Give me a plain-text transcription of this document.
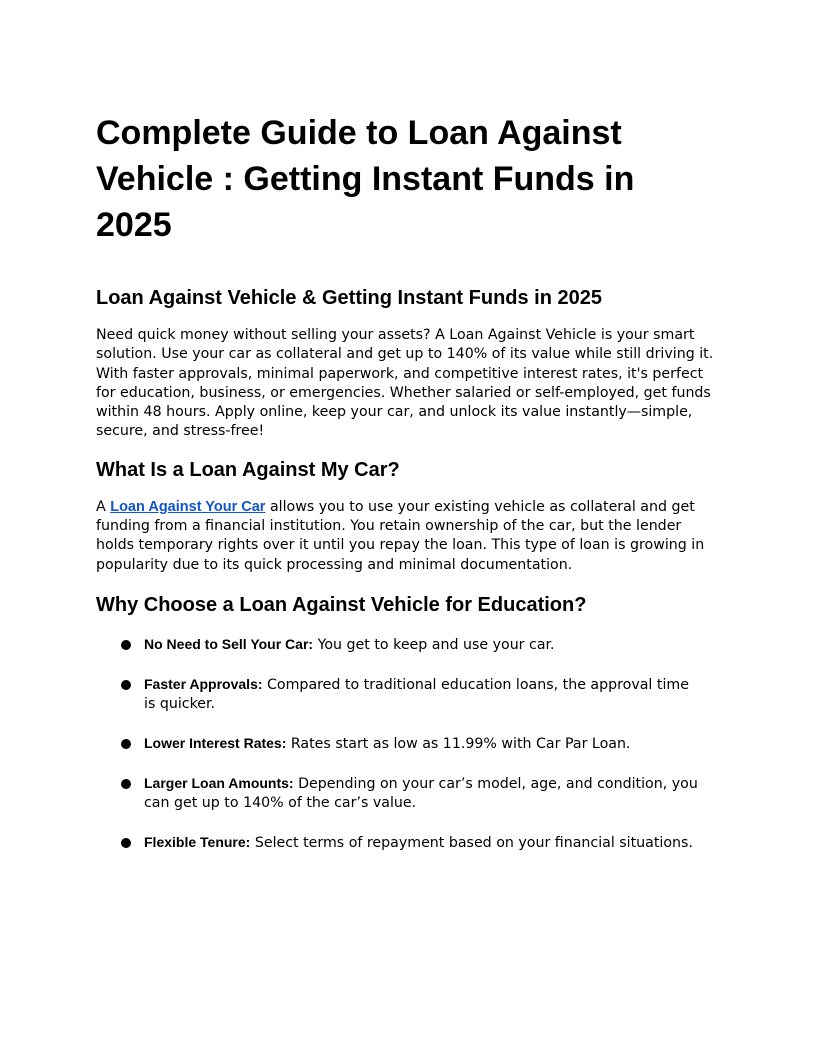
Complete Guide to Loan Against Vehicle : Getting Instant Funds in 2025
Loan Against Vehicle & Getting Instant Funds in 2025

Need quick money without selling your assets? A Loan Against Vehicle is your smart solution. Use your car as collateral and get up to 140% of its value while still driving it. With faster approvals, minimal paperwork, and competitive interest rates, it's perfect for education, business, or emergencies. Whether salaried or self-employed, get funds within 48 hours. Apply online, keep your car, and unlock its value instantly—simple, secure, and stress-free!

What Is a Loan Against My Car?

A Loan Against Your Car allows you to use your existing vehicle as collateral and get funding from a financial institution. You retain ownership of the car, but the lender holds temporary rights over it until you repay the loan. This type of loan is growing in popularity due to its quick processing and minimal documentation.

Why Choose a Loan Against Vehicle for Education?
No Need to Sell Your Car: You get to keep and use your car.
Faster Approvals: Compared to traditional education loans, the approval time is quicker.
Lower Interest Rates: Rates start as low as 11.99% with Car Par Loan.
Larger Loan Amounts: Depending on your car’s model, age, and condition, you can get up to 140% of the car’s value.
Flexible Tenure: Select terms of repayment based on your financial situations.
